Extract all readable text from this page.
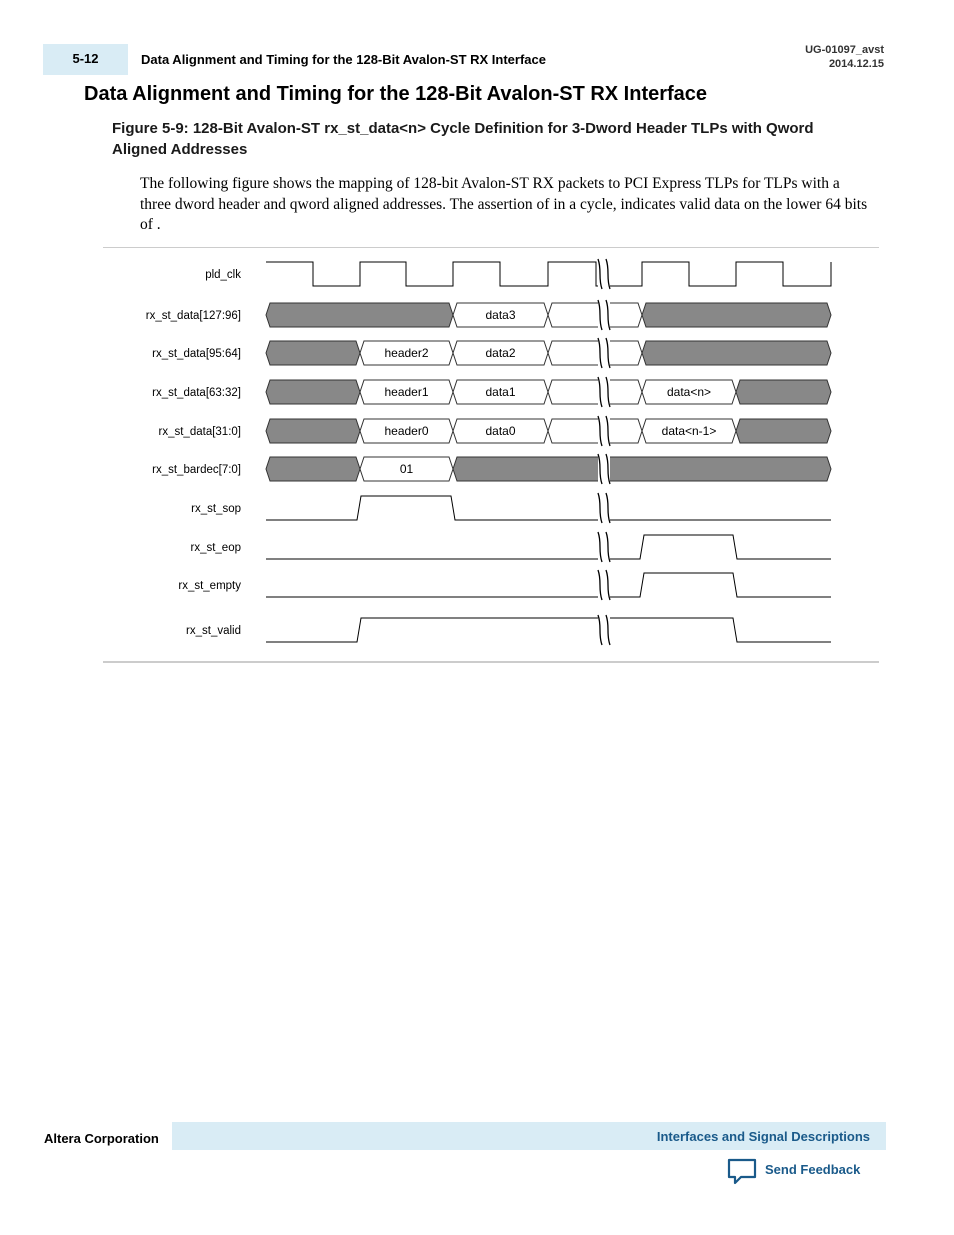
5-12	Data Alignment and Timing for the 128-Bit Avalon-ST RX Interface
UG-01097_avst
2014.12.15
Data Alignment and Timing for the 128-Bit Avalon-ST RX Interface

Figure 5-9: 128-Bit Avalon-ST rx_st_data<n> Cycle Definition for 3-Dword Header TLPs with Qword Aligned Addresses

The following figure shows the mapping of 128-bit Avalon-ST RX packets to PCI Express TLPs for TLPs with a three dword header and qword aligned addresses. The assertion of in a cycle, indicates valid data on the lower 64 bits of .

pld_clk
rx_st_data[127:96]	data3
rx_st_data[95:64]	header2	data2
rx_st_data[63:32]	header1	data1	data<n>
rx_st_data[31:0]	header0	data0	data<n-1>
rx_st_bardec[7:0]	01
rx_st_sop
rx_st_eop
rx_st_empty
rx_st_valid
Altera Corporation	Interfaces and Signal Descriptions
Send Feedback
